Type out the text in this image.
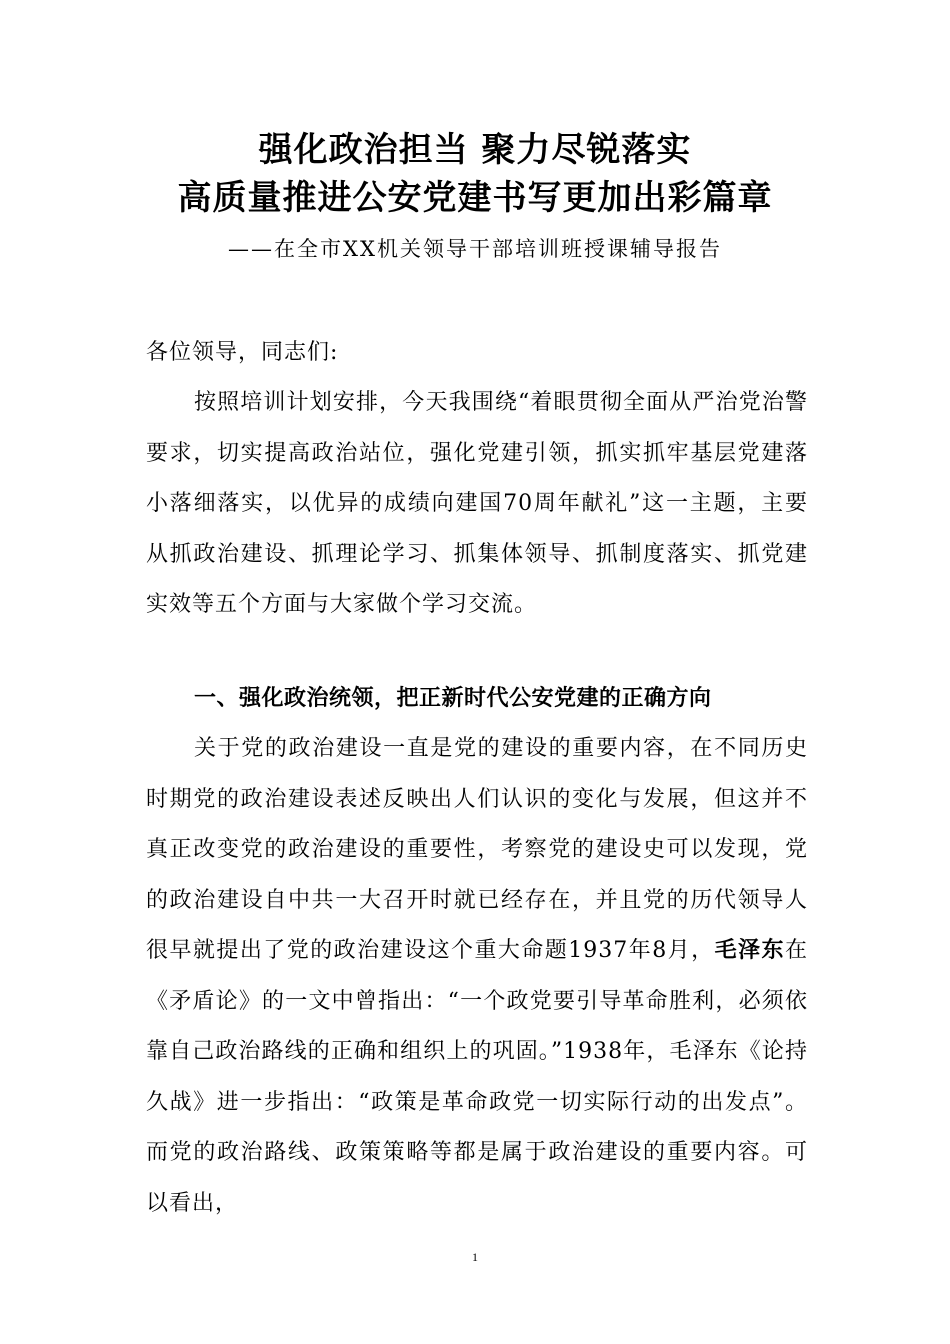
强化政治担当 聚力尽锐落实
高质量推进公安党建书写更加出彩篇章
——在全市XX机关领导干部培训班授课辅导报告
各位领导，同志们:
按照培训计划安排，今天我围绕“着眼贯彻全面从严治党治警要求，切实提高政治站位，强化党建引领，抓实抓牢基层党建落小落细落实，以优异的成绩向建国70周年献礼”这一主题，主要从抓政治建设、抓理论学习、抓集体领导、抓制度落实、抓党建实效等五个方面与大家做个学习交流。
一、强化政治统领，把正新时代公安党建的正确方向
关于党的政治建设一直是党的建设的重要内容，在不同历史时期党的政治建设表述反映出人们认识的变化与发展，但这并不真正改变党的政治建设的重要性，考察党的建设史可以发现，党的政治建设自中共一大召开时就已经存在，并且党的历代领导人很早就提出了党的政治建设这个重大命题1937年8月，毛泽东在《矛盾论》的一文中曾指出：“一个政党要引导革命胜利，必须依靠自己政治路线的正确和组织上的巩固。”1938年，毛泽东《论持久战》进一步指出：“政策是革命政党一切实际行动的出发点”。而党的政治路线、政策策略等都是属于政治建设的重要内容。可以看出，
1
